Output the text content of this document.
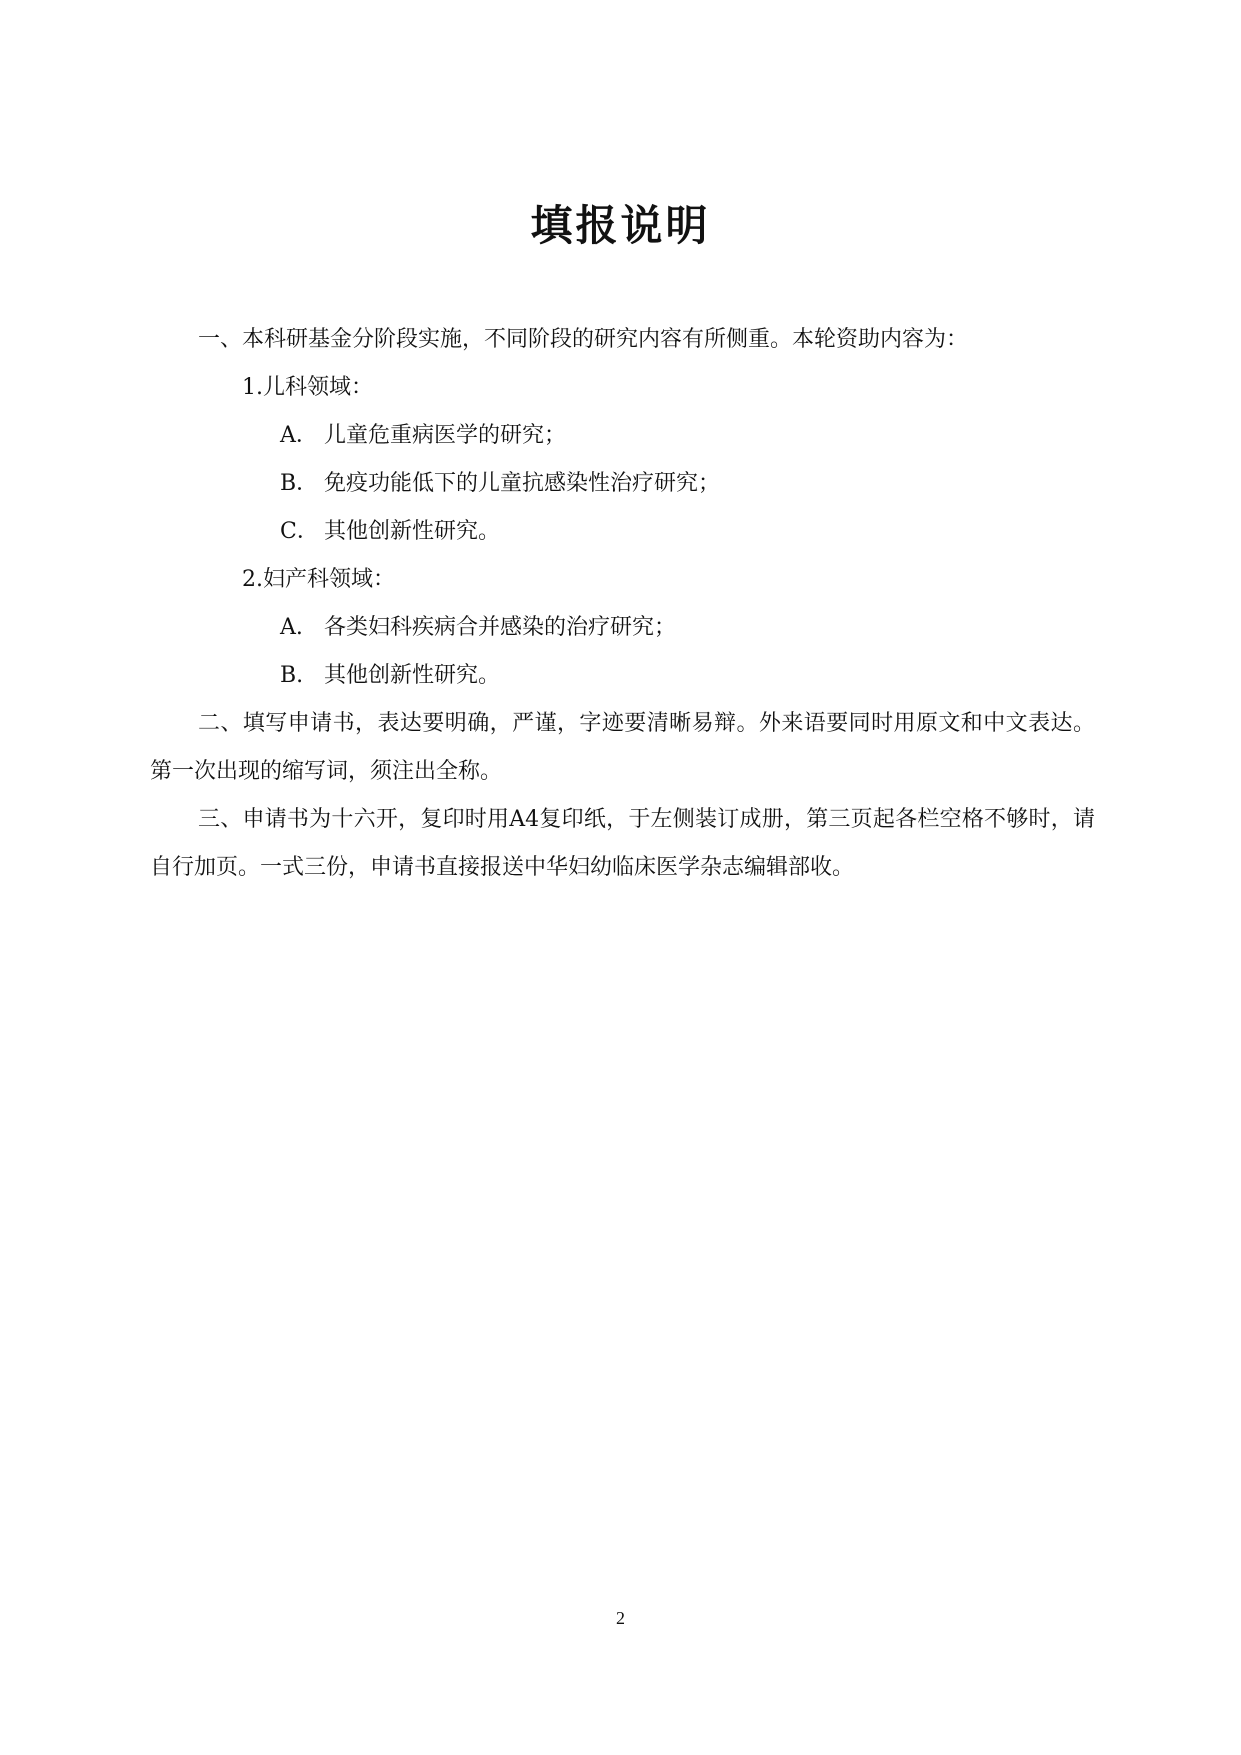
填报说明

一、本科研基金分阶段实施，不同阶段的研究内容有所侧重。本轮资助内容为：

1.儿科领域：

A． 儿童危重病医学的研究；

B． 免疫功能低下的儿童抗感染性治疗研究；

C． 其他创新性研究。

2.妇产科领域：

A. 各类妇科疾病合并感染的治疗研究；

B. 其他创新性研究。

二、填写申请书，表达要明确，严谨，字迹要清晰易辩。外来语要同时用原文和中文表达。第一次出现的缩写词，须注出全称。

三、申请书为十六开，复印时用A4复印纸，于左侧装订成册，第三页起各栏空格不够时，请自行加页。一式三份，申请书直接报送中华妇幼临床医学杂志编辑部收。

2
